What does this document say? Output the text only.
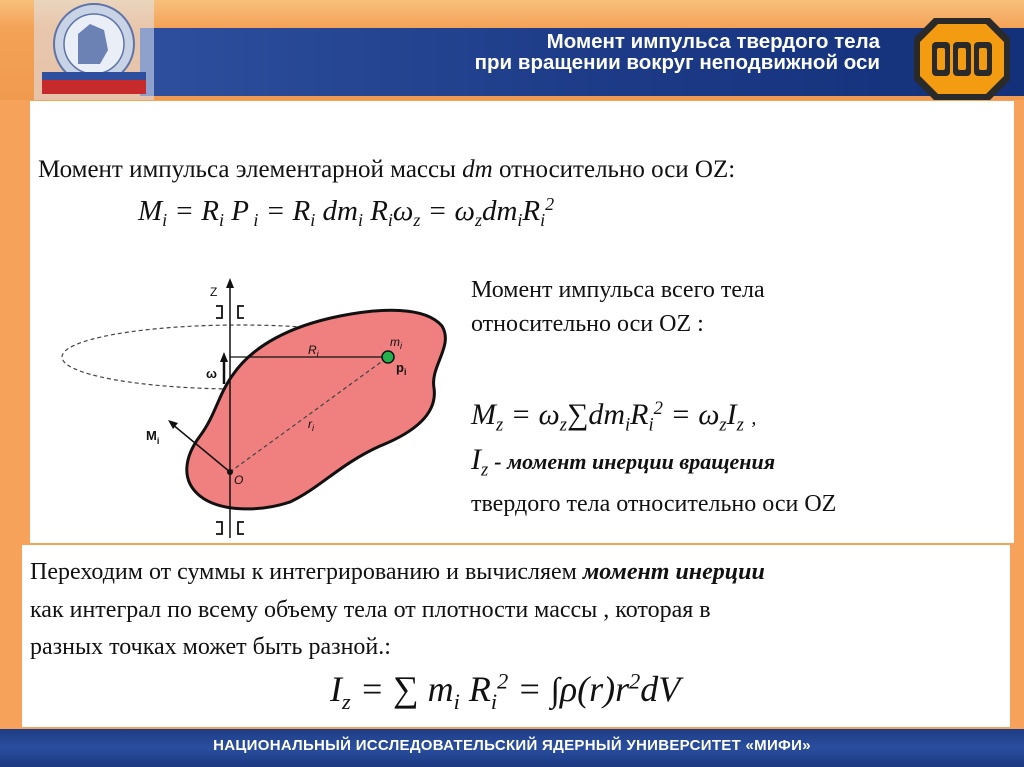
Момент импульса твердого тела
при вращении вокруг неподвижной оси
Момент импульса элементарной массы dm относительно оси OZ:
$M_i = R_i$ P $_i = R_i$ $dm_i$ $R_i\omega_z = \omega_zdm_iR_i^2$
Z
ω
$M_i$
$R_i$
$m_i$
$p_i$
$r_i$
O
Момент импульса всего тела
относительно оси OZ :
$M_z = \omega_z\sum dm_iR_i^2 = \omega_zI_z$ ,
$I_z$ - момент инерции вращения
твердого тела относительно оси OZ
Переходим от суммы к интегрированию и вычисляем момент инерции
как интеграл по всему объему тела от плотности массы , которая в
разных точках может быть разной.:
$I_z$ = ∑ $m_i$ $R_i^2 = \int\rho(r)r^2dV$
НАЦИОНАЛЬНЫЙ ИССЛЕДОВАТЕЛЬСКИЙ ЯДЕРНЫЙ УНИВЕРСИТЕТ «МИФИ»
